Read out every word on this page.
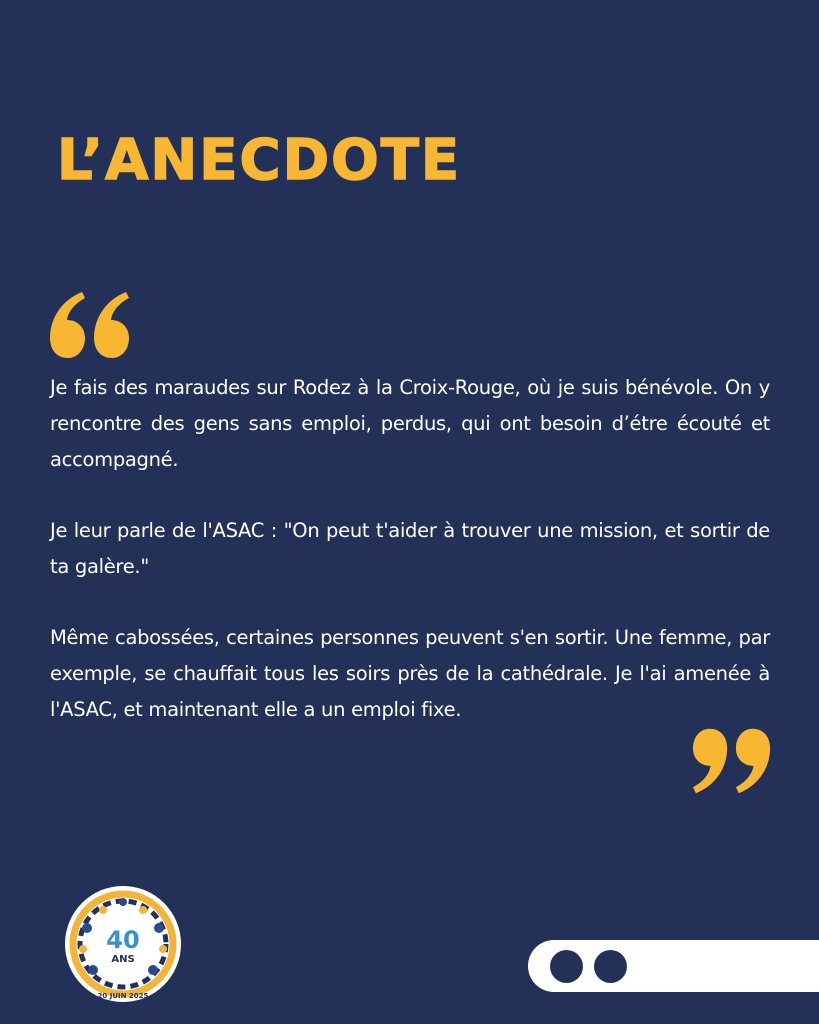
L’ANECDOTE

Je fais des maraudes sur Rodez à la Croix-Rouge, où je suis bénévole. On y rencontre des gens sans emploi, perdus, qui ont besoin d’étre écouté et accompagné.

Je leur parle de l'ASAC : "On peut t'aider à trouver une mission, et sortir de ta galère."

Même cabossées, certaines personnes peuvent s'en sortir. Une femme, par exemple, se chauffait tous les soirs près de la cathédrale. Je l'ai amenée à l'ASAC, et maintenant elle a un emploi fixe.

40
ANS
20 JUIN 2025
